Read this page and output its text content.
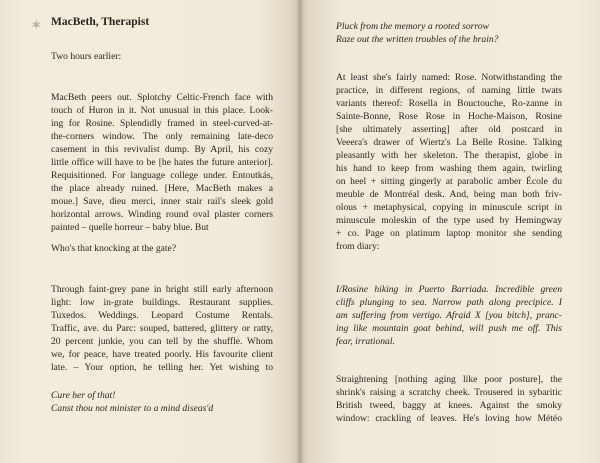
✶ MacBeth, Therapist
Two hours earlier:
MacBeth peers out. Splotchy Celtic-French face with
touch of Huron in it. Not unusual in this place. Look-
ing for Rosine. Splendidly framed in steel-curved-at-
the-corners window. The only remaining late-deco
casement in this revivalist dump. By April, his cozy
little office will have to be [he hates the future anterior].
Requisitioned. For language college under. Entoutkás,
the place already ruined. [Here, MacBeth makes a
moue.] Save, dieu merci, inner stair rail's sleek gold
horizontal arrows. Winding round oval plaster corners
painted – quelle horreur – baby blue. But
Who's that knocking at the gate?
Through faint-grey pane in bright still early afternoon
light: low in-grate buildings. Restaurant supplies.
Tuxedos. Weddings. Leopard Costume Rentals.
Traffic, ave. du Parc: souped, battered, glittery or ratty,
20 percent junkie, you can tell by the shuffle. Whom
we, for peace, have treated poorly. His favourite client
late. – Your option, he telling her. Yet wishing to
Cure her of that!
Canst thou not minister to a mind diseas'd
Pluck from the memory a rooted sorrow
Raze out the written troubles of the brain?
At least she's fairly named: Rose. Notwithstanding the
practice, in different regions, of naming little twats
variants thereof: Rosella in Bouctouche, Ro-zanne in
Sainte-Bonne, Rose Rose in Hoche-Maison, Rosine
[she ultimately asserting] after old postcard in
Veeera's drawer of Wiertz's La Belle Rosine. Talking
pleasantly with her skeleton. The therapist, globe in
his hand to keep from washing them again, twirling
on heel + sitting gingerly at parabolic amber École du
meuble de Montréal desk. And, being man both friv-
olous + metaphysical, copying in minuscule script in
minuscule moleskin of the type used by Hemingway
+ co. Page on platinum laptop monitor she sending
from diary:
I/Rosine hiking in Puerto Barriada. Incredible green
cliffs plunging to sea. Narrow path along precipice. I
am suffering from vertigo. Afraid X [you bitch], pranc-
ing like mountain goat behind, will push me off. This
fear, irrational.
Straightening [nothing aging like poor posture], the
shrink's raising a scratchy cheek. Trousered in sybaritic
British tweed, baggy at knees. Against the smoky
window: crackling of leaves. He's loving how Météo
